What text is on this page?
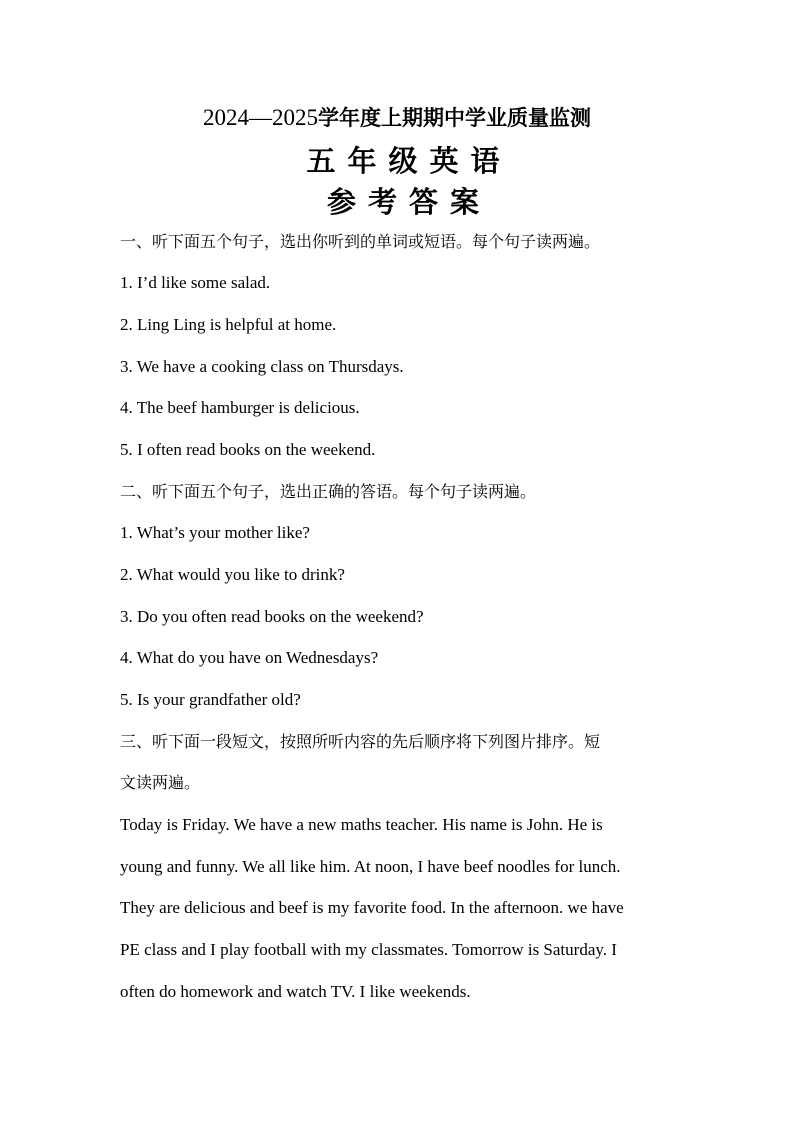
2024—2025学年度上期期中学业质量监测
五年级英语
参考答案
一、听下面五个句子，选出你听到的单词或短语。每个句子读两遍。
1. I’d like some salad.
2. Ling Ling is helpful at home.
3. We have a cooking class on Thursdays.
4. The beef hamburger is delicious.
5. I often read books on the weekend.
二、听下面五个句子，选出正确的答语。每个句子读两遍。
1. What’s your mother like?
2. What would you like to drink?
3. Do you often read books on the weekend?
4. What do you have on Wednesdays?
5. Is your grandfather old?
三、听下面一段短文，按照所听内容的先后顺序将下列图片排序。短
文读两遍。
Today is Friday. We have a new maths teacher. His name is John. He is
young and funny. We all like him. At noon, I have beef noodles for lunch.
They are delicious and beef is my favorite food. In the afternoon. we have
PE class and I play football with my classmates. Tomorrow is Saturday. I
often do homework and watch TV. I like weekends.
